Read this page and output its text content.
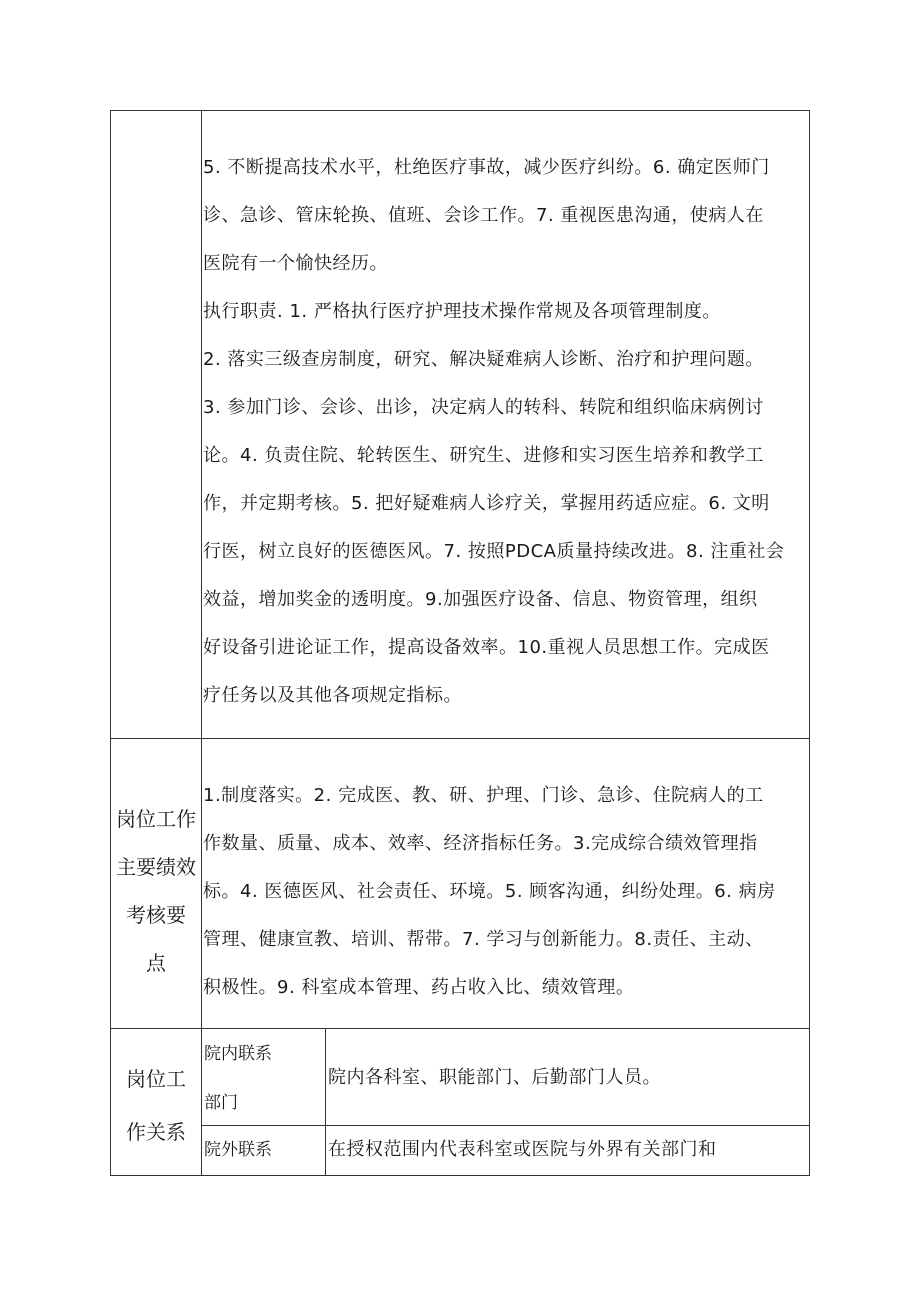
5. 不断提高技术水平，杜绝医疗事故，减少医疗纠纷。6. 确定医师门
诊、急诊、管床轮换、值班、会诊工作。7. 重视医患沟通，使病人在
医院有一个愉快经历。
执行职责. 1. 严格执行医疗护理技术操作常规及各项管理制度。
2. 落实三级查房制度，研究、解决疑难病人诊断、治疗和护理问题。
3. 参加门诊、会诊、出诊，决定病人的转科、转院和组织临床病例讨
论。4. 负责住院、轮转医生、研究生、进修和实习医生培养和教学工
作，并定期考核。5. 把好疑难病人诊疗关，掌握用药适应症。6. 文明
行医，树立良好的医德医风。7. 按照PDCA质量持续改进。8. 注重社会
效益，增加奖金的透明度。9.加强医疗设备、信息、物资管理，组织
好设备引进论证工作，提高设备效率。10.重视人员思想工作。完成医
疗任务以及其他各项规定指标。
岗位工作
主要绩效
考核要
点
1.制度落实。2. 完成医、教、研、护理、门诊、急诊、住院病人的工
作数量、质量、成本、效率、经济指标任务。3.完成综合绩效管理指
标。4. 医德医风、社会责任、环境。5. 顾客沟通，纠纷处理。6. 病房
管理、健康宣教、培训、帮带。7. 学习与创新能力。8.责任、主动、
积极性。9. 科室成本管理、药占收入比、绩效管理。
岗位工
作关系
院内联系
部门
院内各科室、职能部门、后勤部门人员。
院外联系	在授权范围内代表科室或医院与外界有关部门和
